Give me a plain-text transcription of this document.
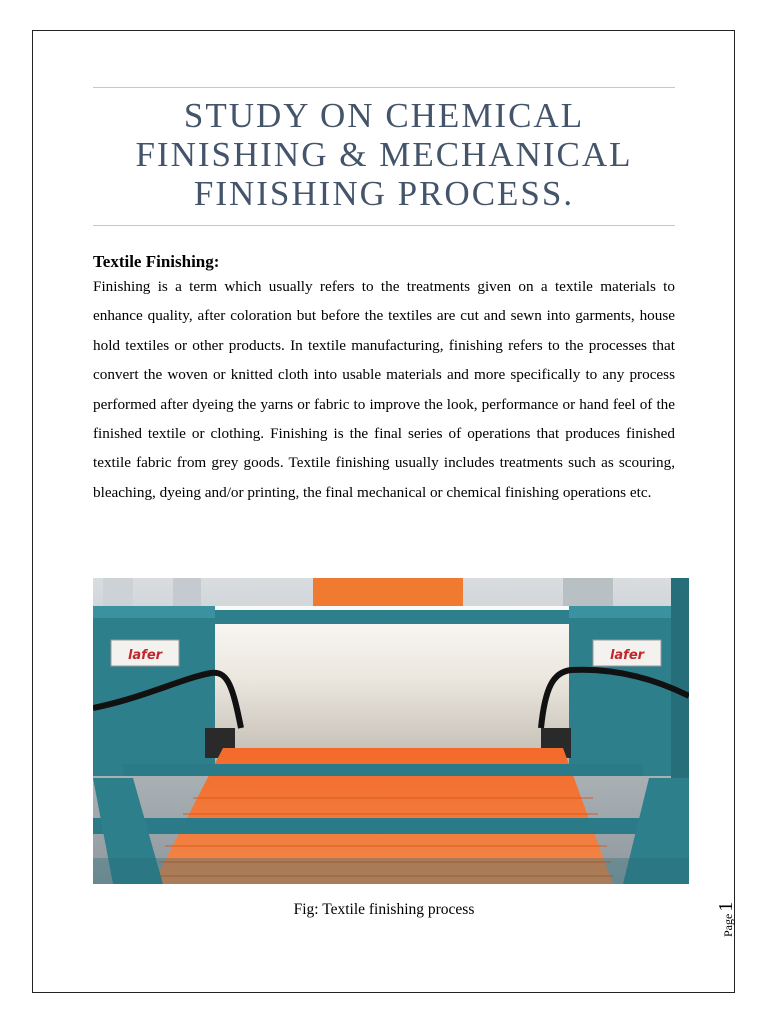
STUDY ON CHEMICAL
FINISHING & MECHANICAL
FINISHING PROCESS.
Textile Finishing:
Finishing is a term which usually refers to the treatments given on a textile materials to enhance quality, after coloration but before the textiles are cut and sewn into garments, house hold textiles or other products. In textile manufacturing, finishing refers to the processes that convert the woven or knitted cloth into usable materials and more specifically to any process performed after dyeing the yarns or fabric to improve the look, performance or hand feel of the finished textile or clothing. Finishing is the final series of operations that produces finished textile fabric from grey goods. Textile finishing usually includes treatments such as scouring, bleaching, dyeing and/or printing, the final mechanical or chemical finishing operations etc.
lafer	lafer
Fig: Textile finishing process
Page
1
